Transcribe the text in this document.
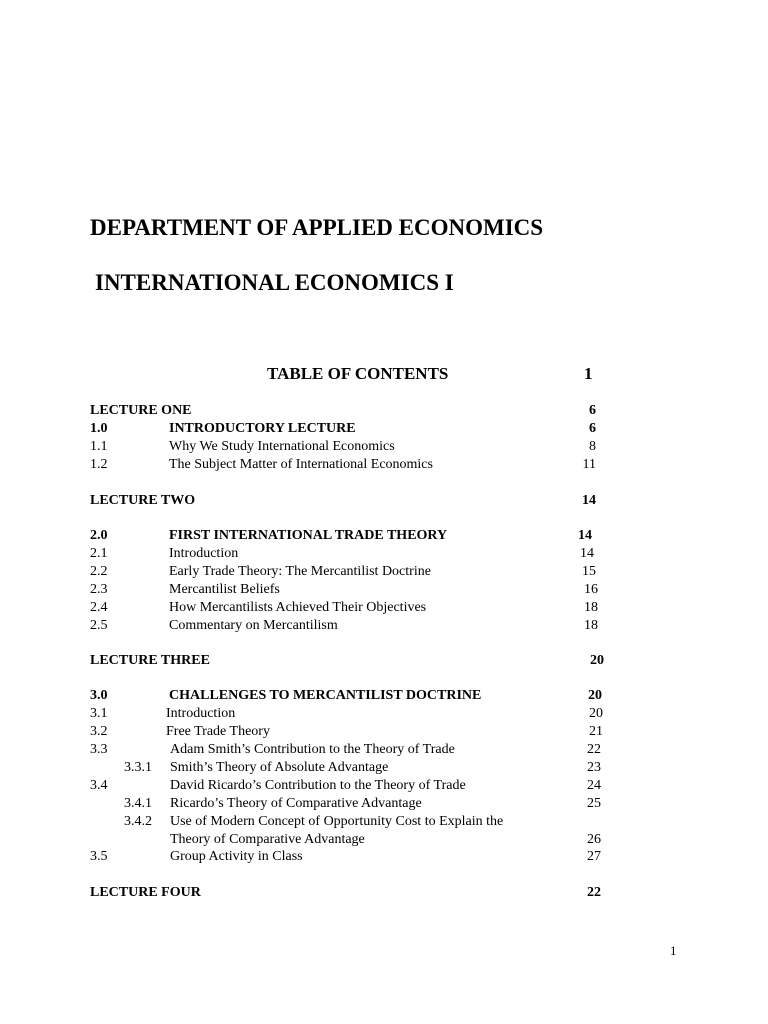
DEPARTMENT OF APPLIED ECONOMICS
INTERNATIONAL ECONOMICS I
TABLE OF CONTENTS	1
LECTURE ONE	6
1.0	INTRODUCTORY LECTURE	6
1.1	Why We Study International Economics	8
1.2	The Subject Matter of International Economics	11
LECTURE TWO	14
2.0	FIRST INTERNATIONAL TRADE THEORY	14
2.1	Introduction	14
2.2	Early Trade Theory: The Mercantilist Doctrine	15
2.3	Mercantilist Beliefs	16
2.4	How Mercantilists Achieved Their Objectives	18
2.5	Commentary on Mercantilism	18
LECTURE THREE	20
3.0	CHALLENGES TO MERCANTILIST DOCTRINE	20
3.1	Introduction	20
3.2	Free Trade Theory	21
3.3	Adam Smith’s Contribution to the Theory of Trade	22
3.3.1 Smith’s Theory of Absolute Advantage	23
3.4	David Ricardo’s Contribution to the Theory of Trade	24
3.4.1 Ricardo’s Theory of Comparative Advantage	25
3.4.2 Use of Modern Concept of Opportunity Cost to Explain the
Theory of Comparative Advantage	26
3.5	Group Activity in Class	27
LECTURE FOUR	22
1
